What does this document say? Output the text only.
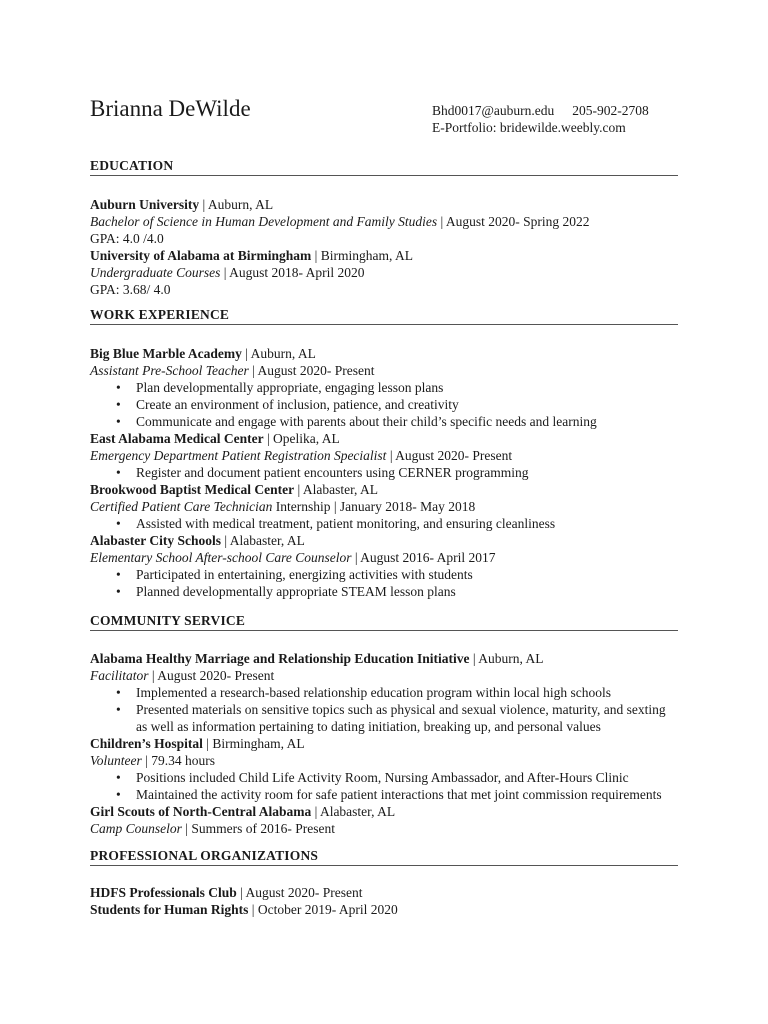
Brianna DeWilde	Bhd0017@auburn.edu 205-902-2708
E-Portfolio: bridewilde.weebly.com
EDUCATION
Auburn University | Auburn, AL
Bachelor of Science in Human Development and Family Studies | August 2020- Spring 2022
GPA: 4.0 /4.0
University of Alabama at Birmingham | Birmingham, AL
Undergraduate Courses | August 2018- April 2020
GPA: 3.68/ 4.0
WORK EXPERIENCE
Big Blue Marble Academy | Auburn, AL
Assistant Pre-School Teacher | August 2020- Present
• Plan developmentally appropriate, engaging lesson plans
• Create an environment of inclusion, patience, and creativity
• Communicate and engage with parents about their child’s specific needs and learning
East Alabama Medical Center | Opelika, AL
Emergency Department Patient Registration Specialist | August 2020- Present
• Register and document patient encounters using CERNER programming
Brookwood Baptist Medical Center | Alabaster, AL
Certified Patient Care Technician Internship | January 2018- May 2018
• Assisted with medical treatment, patient monitoring, and ensuring cleanliness
Alabaster City Schools | Alabaster, AL
Elementary School After-school Care Counselor | August 2016- April 2017
• Participated in entertaining, energizing activities with students
• Planned developmentally appropriate STEAM lesson plans
COMMUNITY SERVICE
Alabama Healthy Marriage and Relationship Education Initiative | Auburn, AL
Facilitator | August 2020- Present
• Implemented a research-based relationship education program within local high schools
• Presented materials on sensitive topics such as physical and sexual violence, maturity, and sexting as well as information pertaining to dating initiation, breaking up, and personal values
Children’s Hospital | Birmingham, AL
Volunteer | 79.34 hours
• Positions included Child Life Activity Room, Nursing Ambassador, and After-Hours Clinic
• Maintained the activity room for safe patient interactions that met joint commission requirements
Girl Scouts of North-Central Alabama | Alabaster, AL
Camp Counselor | Summers of 2016- Present
PROFESSIONAL ORGANIZATIONS
HDFS Professionals Club | August 2020- Present
Students for Human Rights | October 2019- April 2020
